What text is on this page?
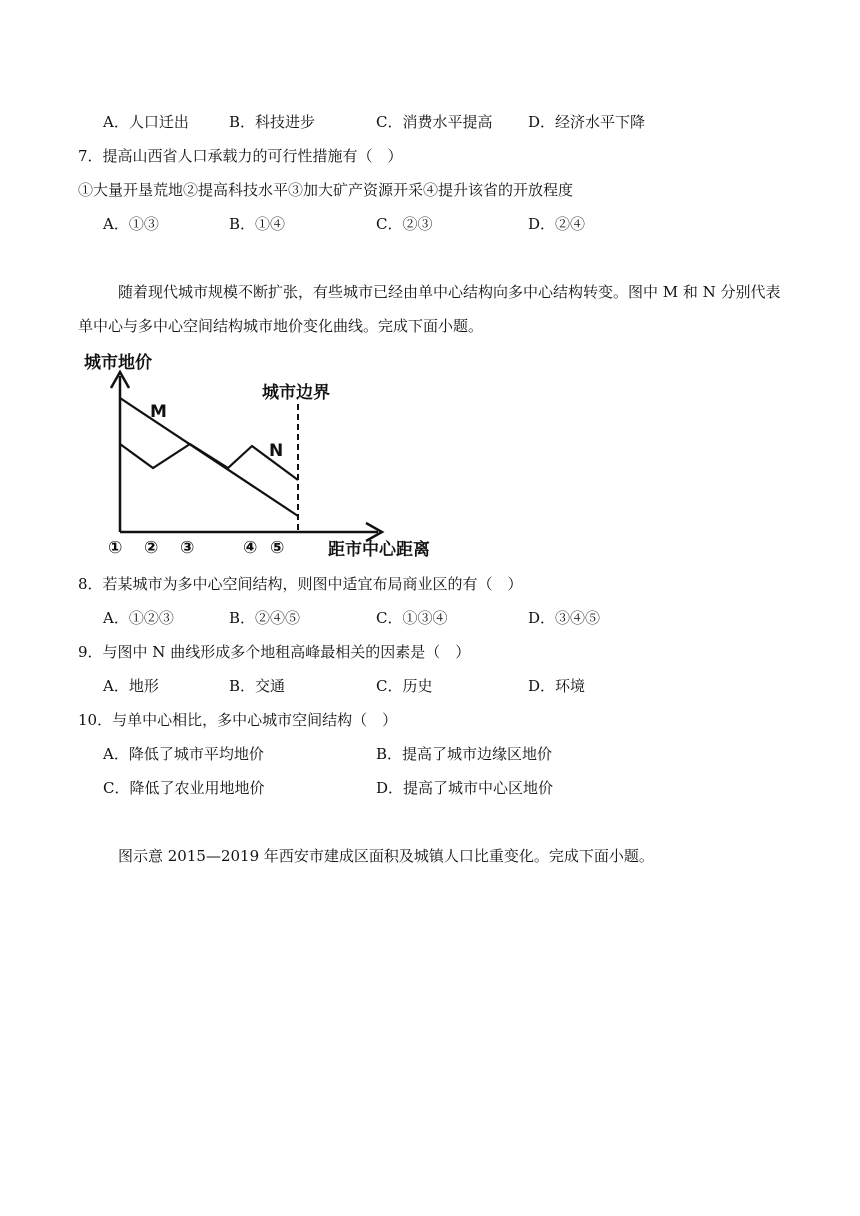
A．人口迁出	B．科技进步	C．消费水平提高 D．经济水平下降
7．提高山西省人口承载力的可行性措施有（　）
①大量开垦荒地②提高科技水平③加大矿产资源开采④提升该省的开放程度
A．①③	B．①④	C．②③	D．②④
随着现代城市规模不断扩张，有些城市已经由单中心结构向多中心结构转变。图中 M 和 N 分别代表
单中心与多中心空间结构城市地价变化曲线。完成下面小题。
城市地价
距市中心距离
城市边界
M
N
① ② ③	④ ⑤
8．若某城市为多中心空间结构，则图中适宜布局商业区的有（　）
A．①②③	B．②④⑤	C．①③④	D．③④⑤
9．与图中 N 曲线形成多个地租高峰最相关的因素是（　）
A．地形	B．交通	C．历史	D．环境
10．与单中心相比，多中心城市空间结构（　）
A．降低了城市平均地价	B．提高了城市边缘区地价
C．降低了农业用地地价	D．提高了城市中心区地价
图示意 2015—2019 年西安市建成区面积及城镇人口比重变化。完成下面小题。
